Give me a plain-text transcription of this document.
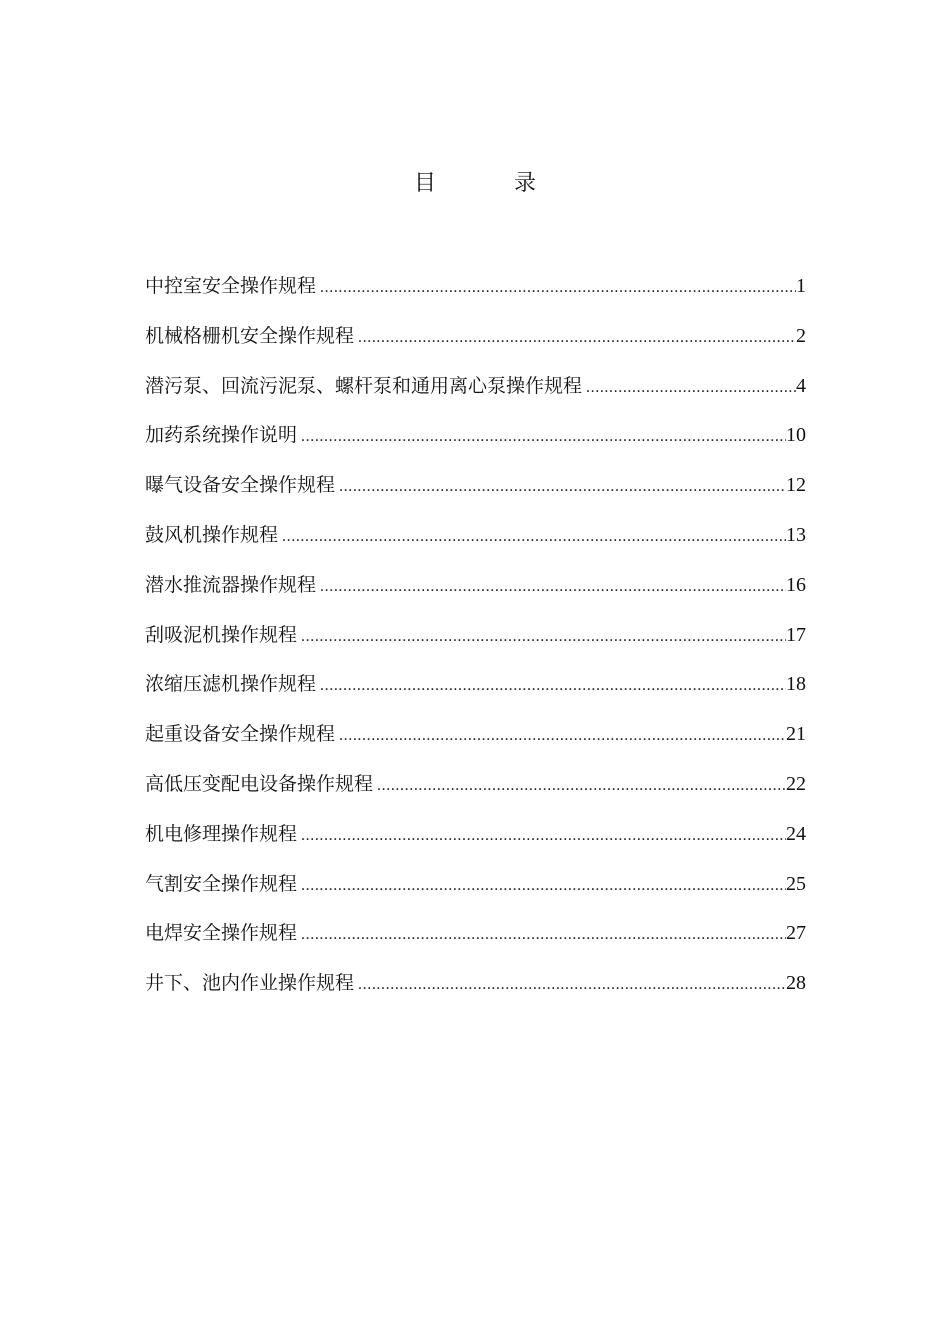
目　录
中控室安全操作规程 .....	1
机械格栅机安全操作规程 .....	2
潜污泵、回流污泥泵、螺杆泵和通用离心泵操作规程 .....	4
加药系统操作说明 .....	10
曝气设备安全操作规程 .....	12
鼓风机操作规程 .....	13
潜水推流器操作规程 .....	16
刮吸泥机操作规程 .....	17
浓缩压滤机操作规程 .....	18
起重设备安全操作规程 .....	21
高低压变配电设备操作规程 .....	22
机电修理操作规程 .....	24
气割安全操作规程 .....	25
电焊安全操作规程 .....	27
井下、池内作业操作规程 .....	28
